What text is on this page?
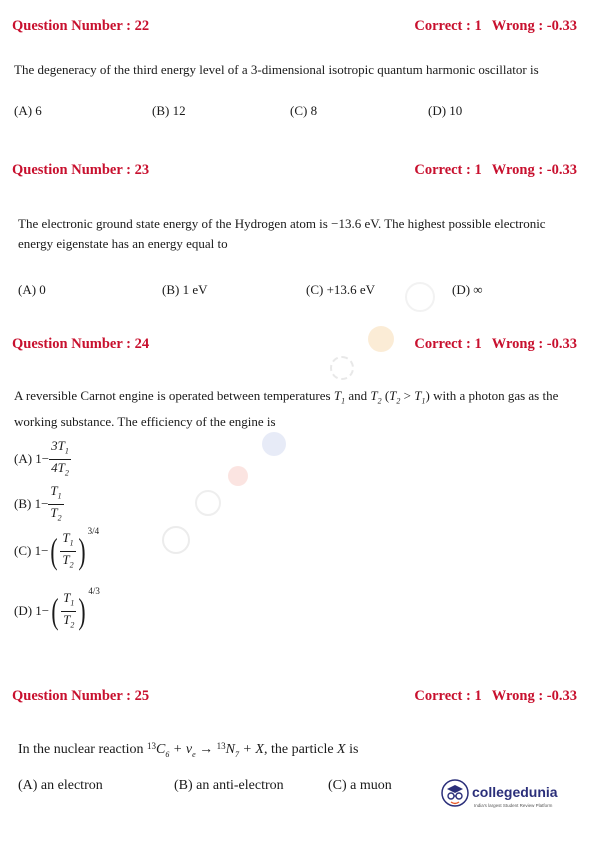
Question Number : 22	Correct : 1 Wrong : -0.33
The degeneracy of the third energy level of a 3-dimensional isotropic quantum harmonic oscillator is
(A) 6	(B) 12	(C) 8	(D) 10
Question Number : 23	Correct : 1 Wrong : -0.33
The electronic ground state energy of the Hydrogen atom is −13.6 eV. The highest possible electronic energy eigenstate has an energy equal to
(A) 0	(B) 1 eV	(C) +13.6 eV	(D) ∞
Question Number : 24	Correct : 1 Wrong : -0.33
A reversible Carnot engine is operated between temperatures $T_1$ and $T_2$ $(T_2 > T_1)$ with a photon gas as the working substance. The efficiency of the engine is
(A) $1- \frac{3T_1}{4T_2}$
(B) $1- \frac{T_1}{T_2}$
(C) $1-( \frac{T_1}{T_2} )^{3/4}$
(D) $1-( \frac{T_1}{T_2} )^{4/3}$
Question Number : 25	Correct : 1 Wrong : -0.33
In the nuclear reaction $^{13}C_6 + \nu_e \to ^{13}N_7 + X$, the particle X is
(A) an electron	(B) an anti-electron	(C) a muon	collegedunia
India's largest Student Review Platform
